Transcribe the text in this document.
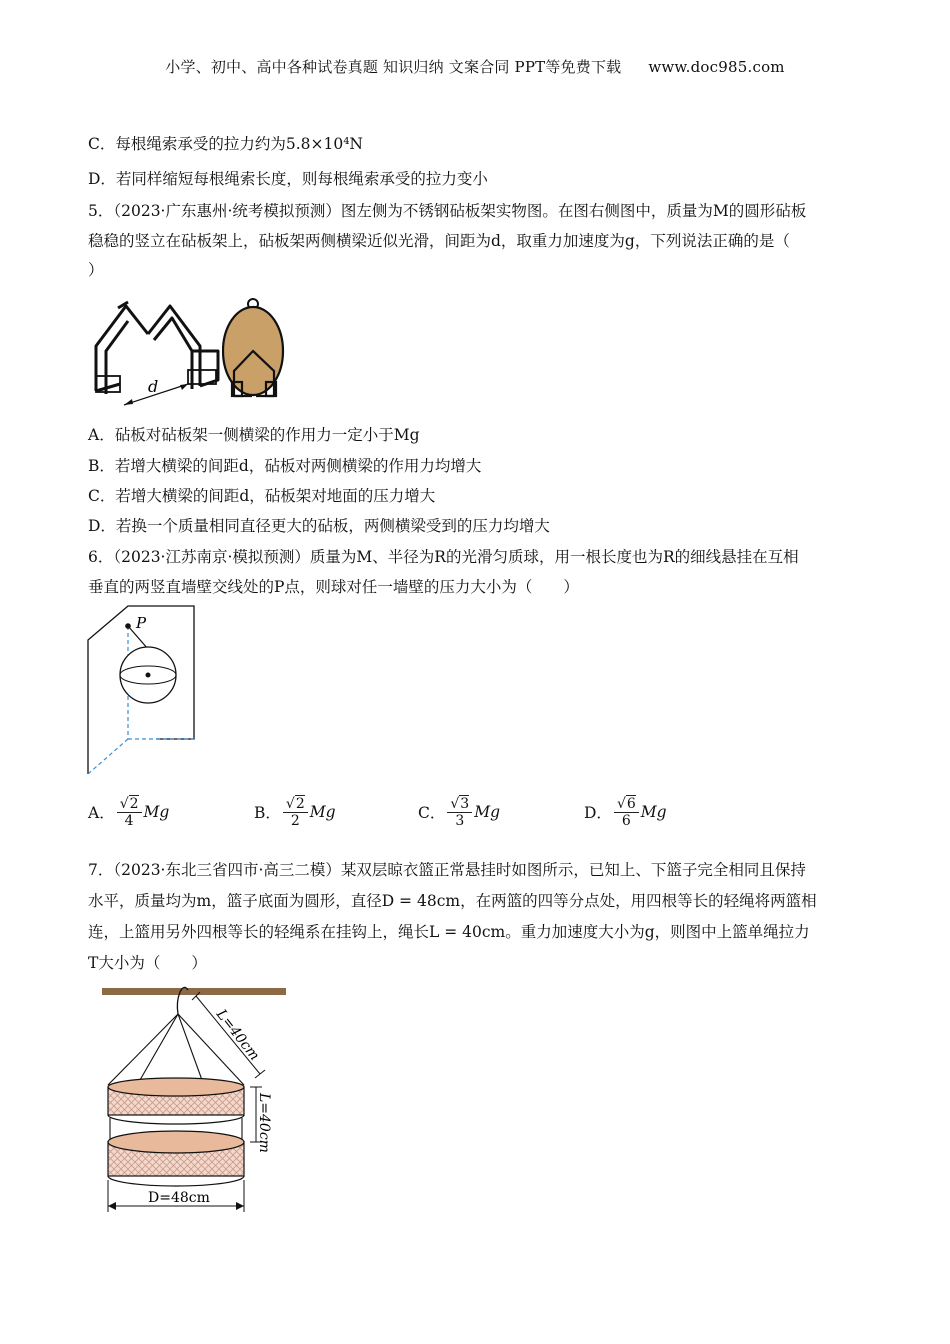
小学、初中、高中各种试卷真题 知识归纳 文案合同 PPT等免费下载 www.doc985.com
C．每根绳索承受的拉力约为5.8×10⁴N
D．若同样缩短每根绳索长度，则每根绳索承受的拉力变小
5．（2023·广东惠州·统考模拟预测）图左侧为不锈钢砧板架实物图。在图右侧图中，质量为M的圆形砧板
稳稳的竖立在砧板架上，砧板架两侧横梁近似光滑，间距为d，取重力加速度为g，下列说法正确的是（
）
d
A．砧板对砧板架一侧横梁的作用力一定小于Mg
B．若增大横梁的间距d，砧板对两侧横梁的作用力均增大
C．若增大横梁的间距d，砧板架对地面的压力增大
D．若换一个质量相同直径更大的砧板，两侧横梁受到的压力均增大
6．（2023·江苏南京·模拟预测）质量为M、半径为R的光滑匀质球，用一根长度也为R的细线悬挂在互相
垂直的两竖直墙壁交线处的P点，则球对任一墙壁的压力大小为（　　）
P
A． $\frac{√2}{4}$ Mg	B． $\frac{√2}{2}$ Mg	C． $\frac{√3}{3}$ Mg	D． $\frac{√6}{6}$ Mg
7．（2023·东北三省四市·高三二模）某双层晾衣篮正常悬挂时如图所示，已知上、下篮子完全相同且保持
水平，质量均为m，篮子底面为圆形，直径D = 48cm，在两篮的四等分点处，用四根等长的轻绳将两篮相
连，上篮用另外四根等长的轻绳系在挂钩上，绳长L = 40cm。重力加速度大小为g，则图中上篮单绳拉力
T大小为（　　）
L=40cm
L=40cm
D=48cm
